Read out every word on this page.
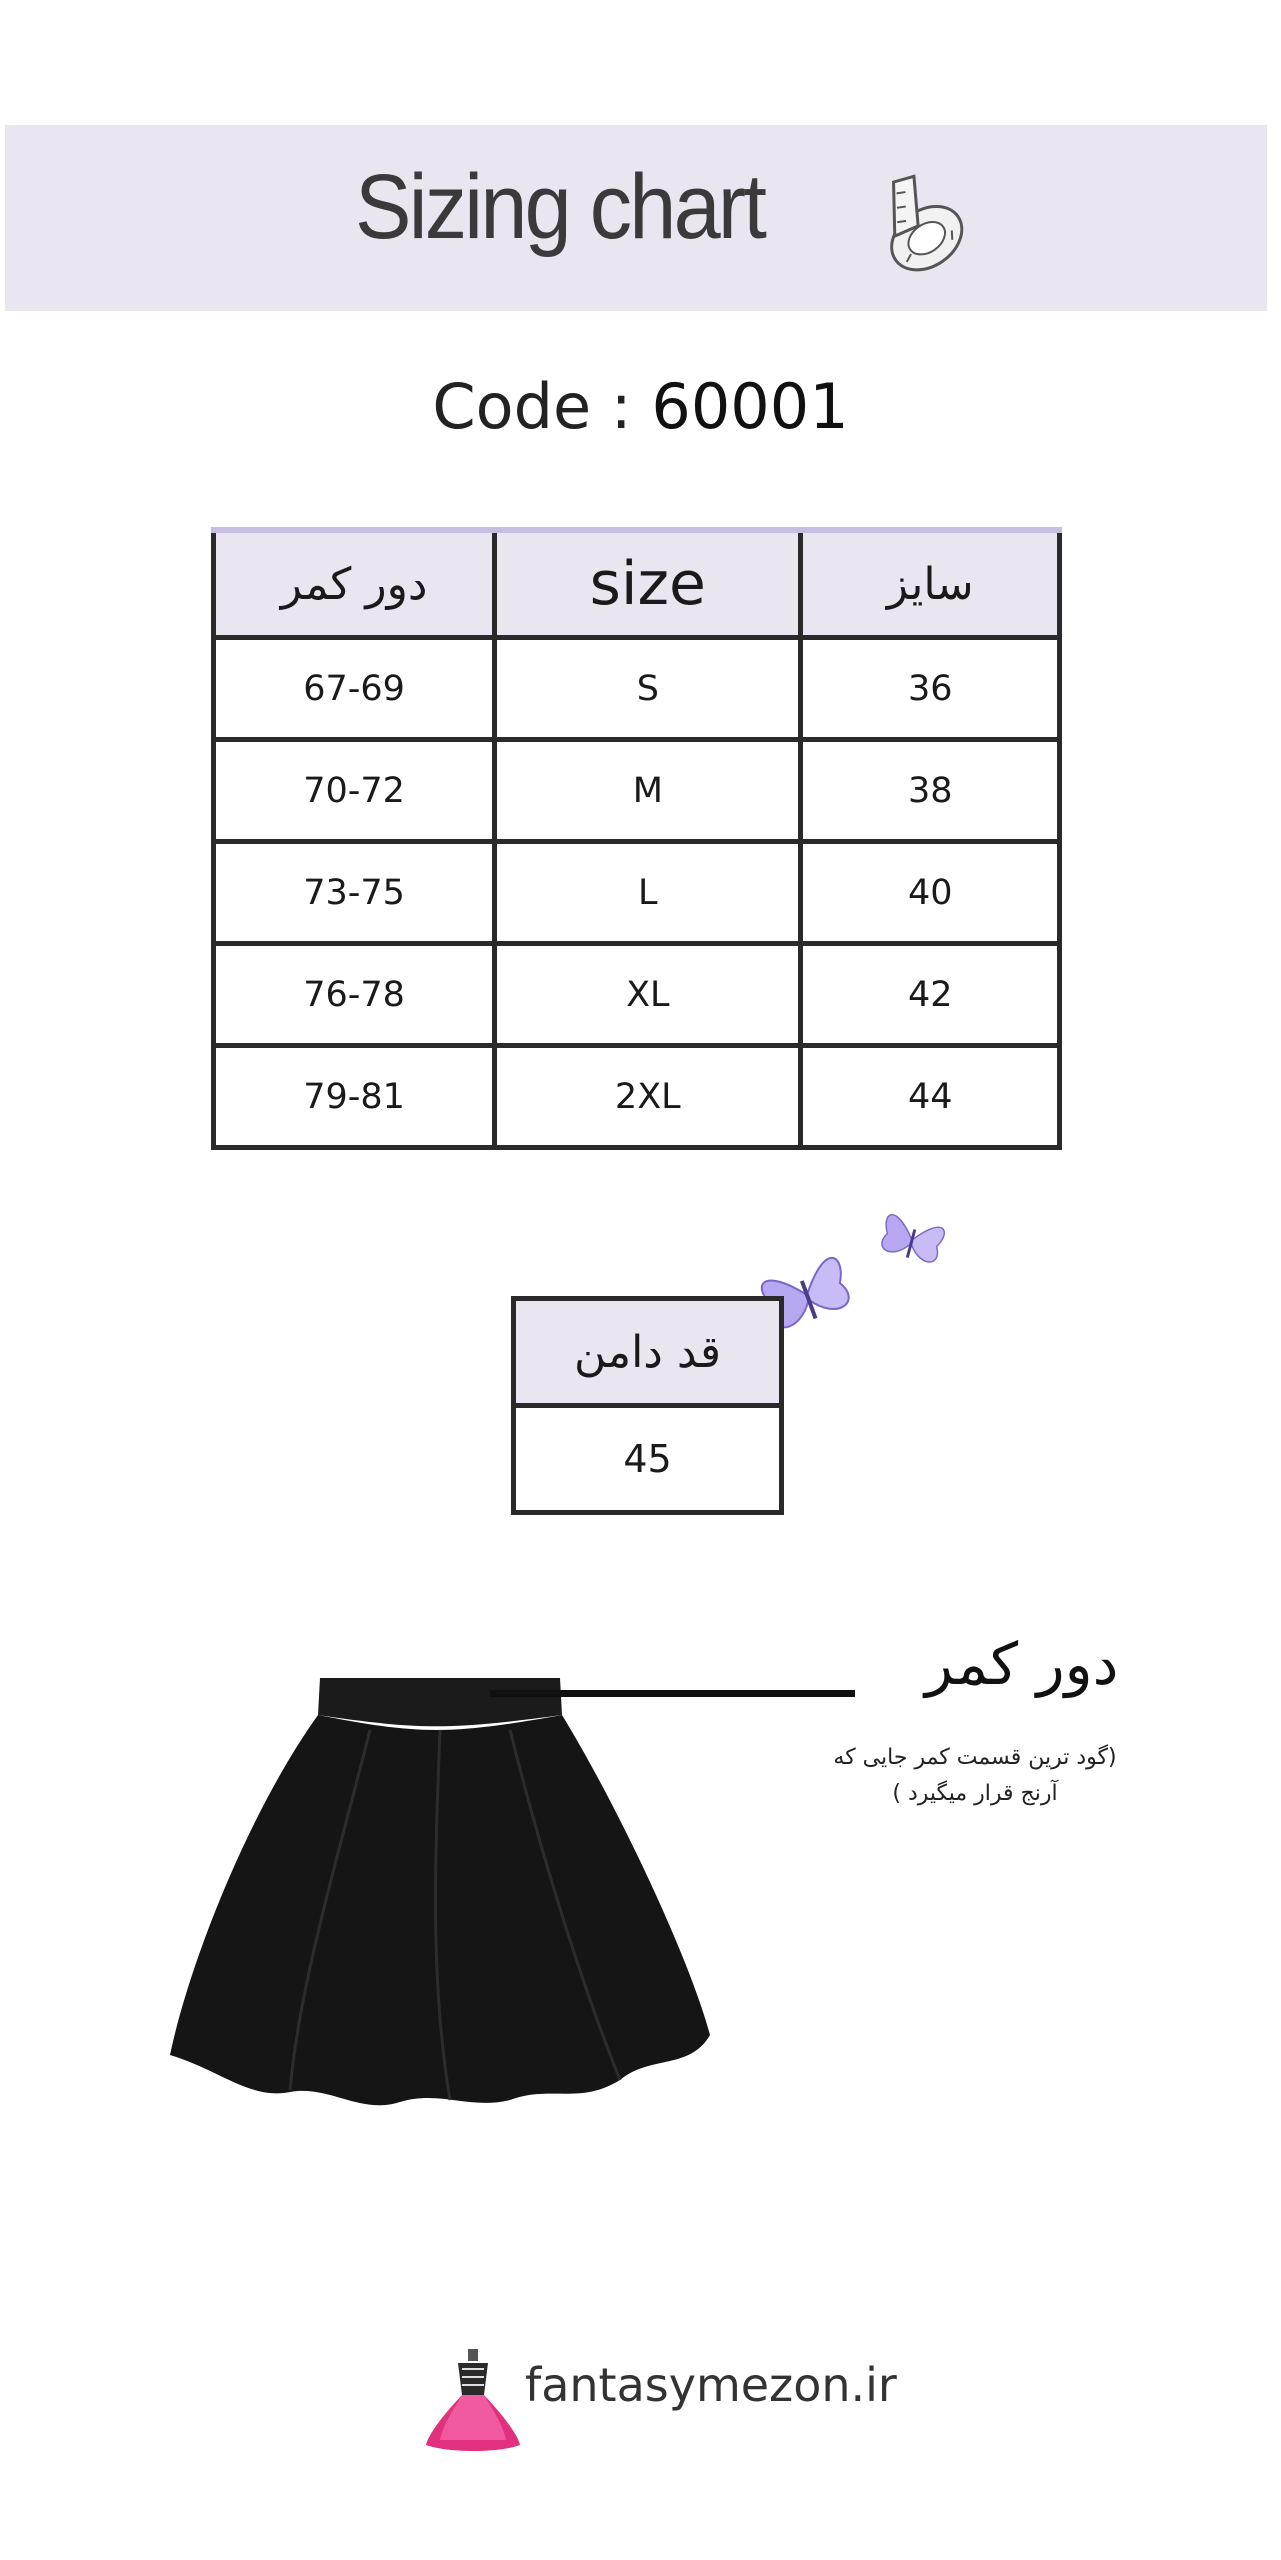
Sizing chart
Code : 60001
دور کمر	size	سایز
67-69	S	36
70-72	M	38
73-75	L	40
76-78	XL	42
79-81	2XL	44
قد دامن
45
دور کمر
(گود ترین قسمت کمر جایی که
آرنج قرار میگیرد )
fantasymezon.ir
